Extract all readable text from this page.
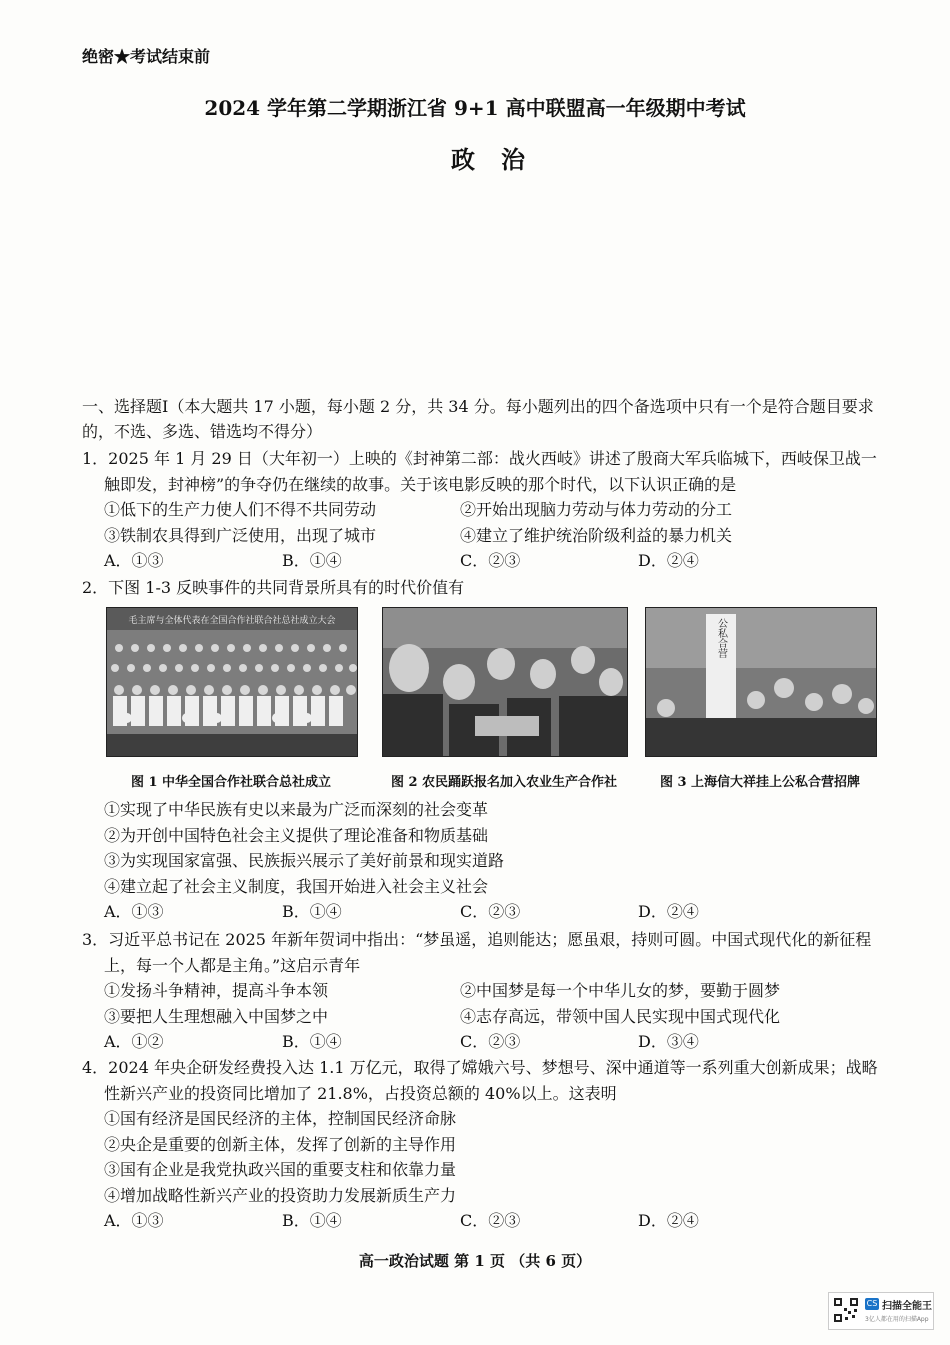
绝密★考试结束前
2024 学年第二学期浙江省 9+1 高中联盟高一年级期中考试
政治
一、选择题Ⅰ（本大题共 17 小题，每小题 2 分，共 34 分。每小题列出的四个备选项中只有一个是符合题目要求的，不选、多选、错选均不得分）
1．2025 年 1 月 29 日（大年初一）上映的《封神第二部：战火西岐》讲述了殷商大军兵临城下，西岐保卫战一触即发，封神榜”的争夺仍在继续的故事。关于该电影反映的那个时代，以下认识正确的是
①低下的生产力使人们不得不共同劳动	②开始出现脑力劳动与体力劳动的分工
③铁制农具得到广泛使用，出现了城市	④建立了维护统治阶级利益的暴力机关
A．①③	B．①④	C．②③	D．②④
2．下图 1-3 反映事件的共同背景所具有的时代价值有
毛主席与全体代表在全国合作社联合社总社成立大会	公私合营
图 1 中华全国合作社联合总社成立	图 2 农民踊跃报名加入农业生产合作社	图 3 上海信大祥挂上公私合营招牌
①实现了中华民族有史以来最为广泛而深刻的社会变革
②为开创中国特色社会主义提供了理论准备和物质基础
③为实现国家富强、民族振兴展示了美好前景和现实道路
④建立起了社会主义制度，我国开始进入社会主义社会
A．①③	B．①④	C．②③	D．②④
3．习近平总书记在 2025 年新年贺词中指出：“梦虽遥，追则能达；愿虽艰，持则可圆。中国式现代化的新征程上，每一个人都是主角。”这启示青年
①发扬斗争精神，提高斗争本领	②中国梦是每一个中华儿女的梦，要勤于圆梦
③要把人生理想融入中国梦之中	④志存高远，带领中国人民实现中国式现代化
A．①②	B．①④	C．②③	D．③④
4．2024 年央企研发经费投入达 1.1 万亿元，取得了嫦娥六号、梦想号、深中通道等一系列重大创新成果；战略性新兴产业的投资同比增加了 21.8%，占投资总额的 40%以上。这表明
①国有经济是国民经济的主体，控制国民经济命脉
②央企是重要的创新主体，发挥了创新的主导作用
③国有企业是我党执政兴国的重要支柱和依靠力量
④增加战略性新兴产业的投资助力发展新质生产力
A．①③	B．①④	C．②③	D．②④
高一政治试题 第 1 页 （共 6 页）
CS 扫描全能王
3亿人都在用的扫描App
